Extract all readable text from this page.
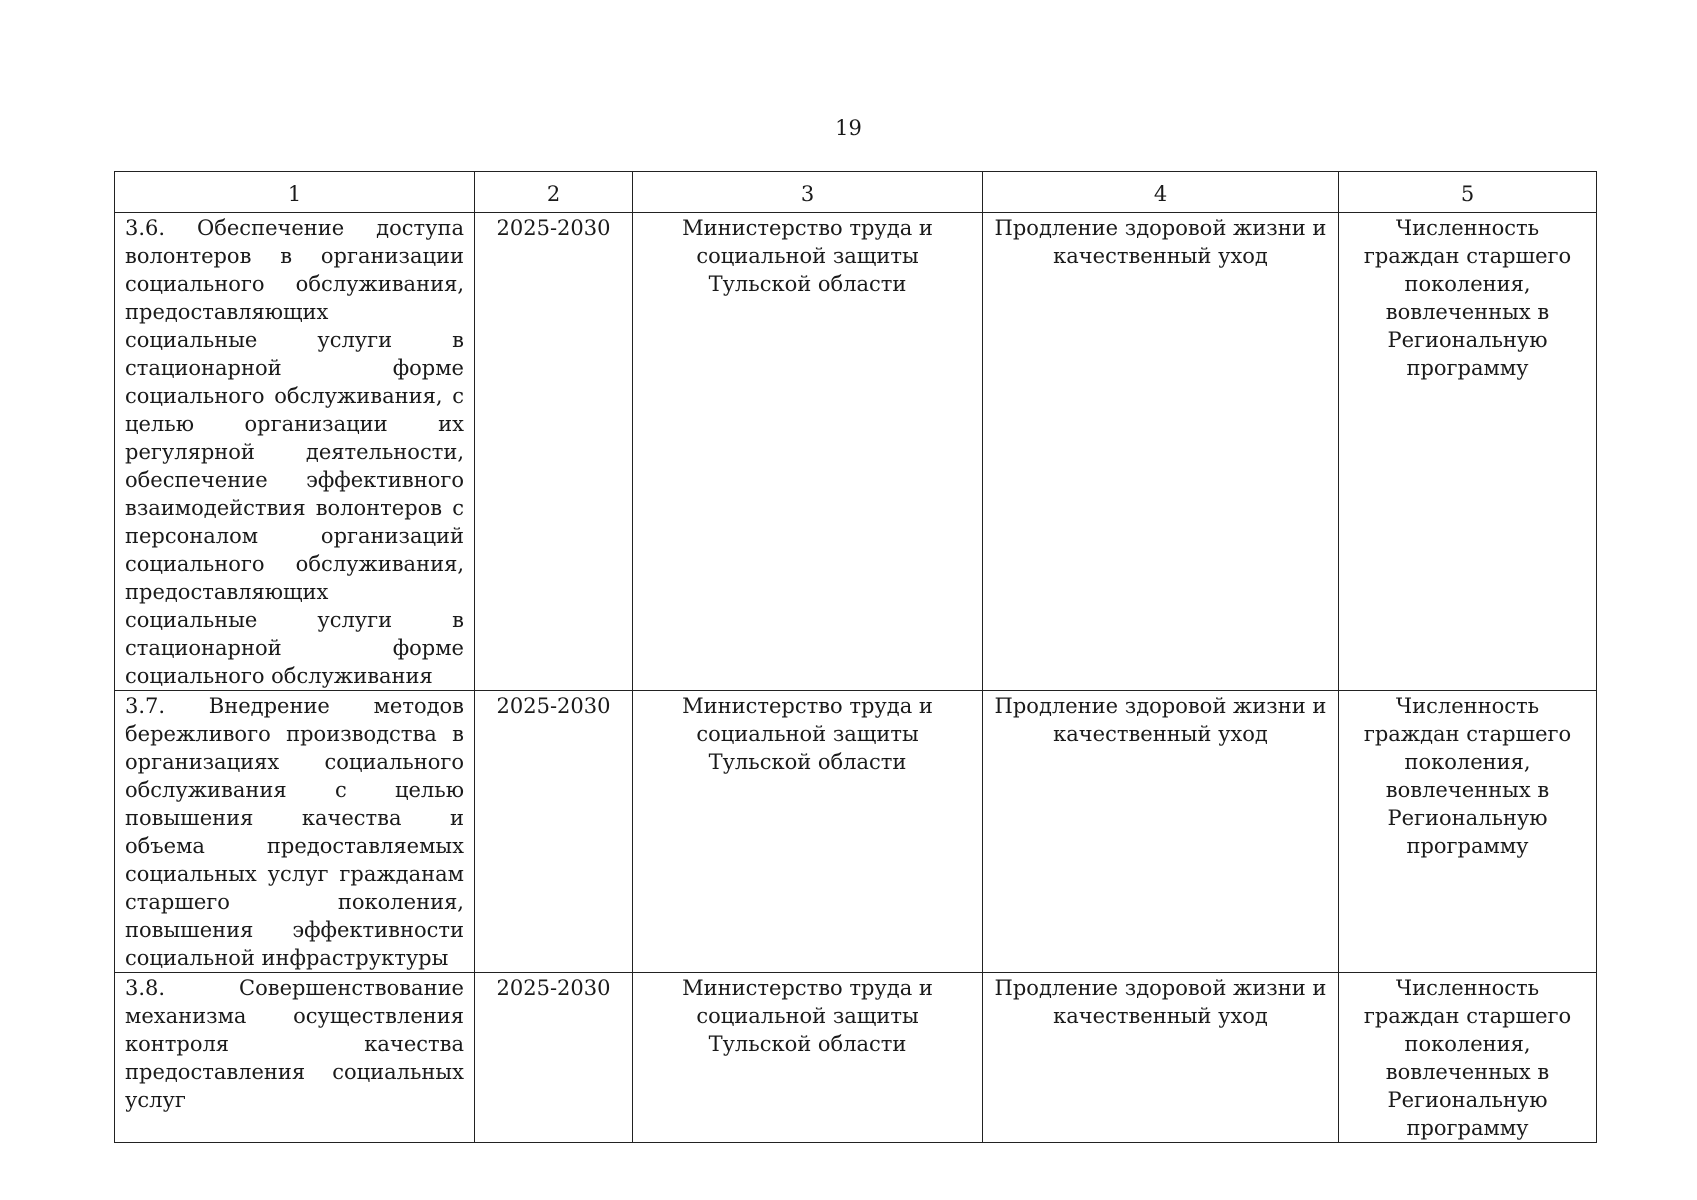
19
1	2	3	4	5
3.6. Обеспечение доступа волонтеров в организации социального обслуживания, предоставляющих социальные услуги в стационарной форме социального обслуживания, с целью организации их регулярной деятельности, обеспечение эффективного взаимодействия волонтеров с персоналом организаций социального обслуживания, предоставляющих социальные услуги в стационарной форме социального обслуживания	2025-2030	Министерство труда и социальной защиты Тульской области	Продление здоровой жизни и качественный уход	Численность граждан старшего поколения, вовлеченных в Региональную программу
3.7. Внедрение методов бережливого производства в организациях социального обслуживания с целью повышения качества и объема предоставляемых социальных услуг гражданам старшего поколения, повышения эффективности социальной инфраструктуры	2025-2030	Министерство труда и социальной защиты Тульской области	Продление здоровой жизни и качественный уход	Численность граждан старшего поколения, вовлеченных в Региональную программу
3.8. Совершенствование механизма осуществления контроля качества предоставления социальных услуг	2025-2030	Министерство труда и социальной защиты Тульской области	Продление здоровой жизни и качественный уход	Численность граждан старшего поколения, вовлеченных в Региональную программу
